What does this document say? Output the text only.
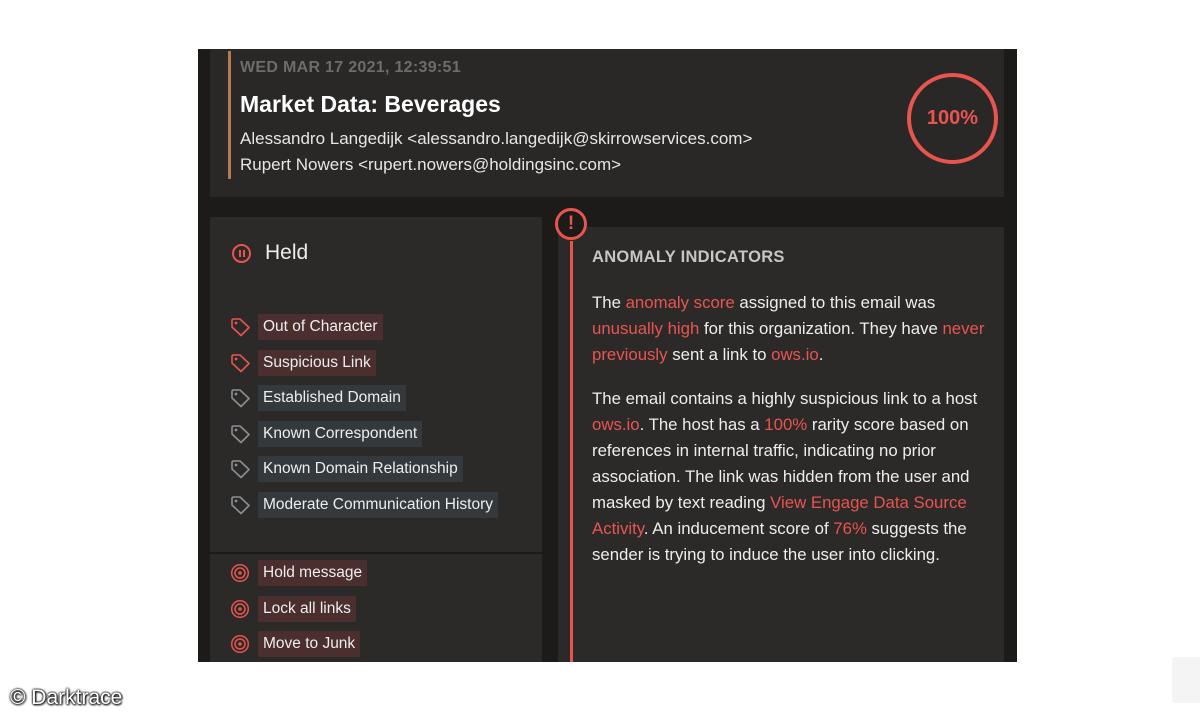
WED MAR 17 2021, 12:39:51
Market Data: Beverages
Alessandro Langedijk <alessandro.langedijk@skirrowservices.com>
Rupert Nowers <rupert.nowers@holdingsinc.com>
100%
Held
Out of Character
Suspicious Link
Established Domain
Known Correspondent
Known Domain Relationship
Moderate Communication History
Hold message
Lock all links
Move to Junk
!
ANOMALY INDICATORS

The anomaly score assigned to this email was unusually high for this organization. They have never previously sent a link to ows.io.

The email contains a highly suspicious link to a host ows.io. The host has a 100% rarity score based on references in internal traffic, indicating no prior association. The link was hidden from the user and masked by text reading View Engage Data Source Activity. An inducement score of 76% suggests the sender is trying to induce the user into clicking.

© Darktrace
